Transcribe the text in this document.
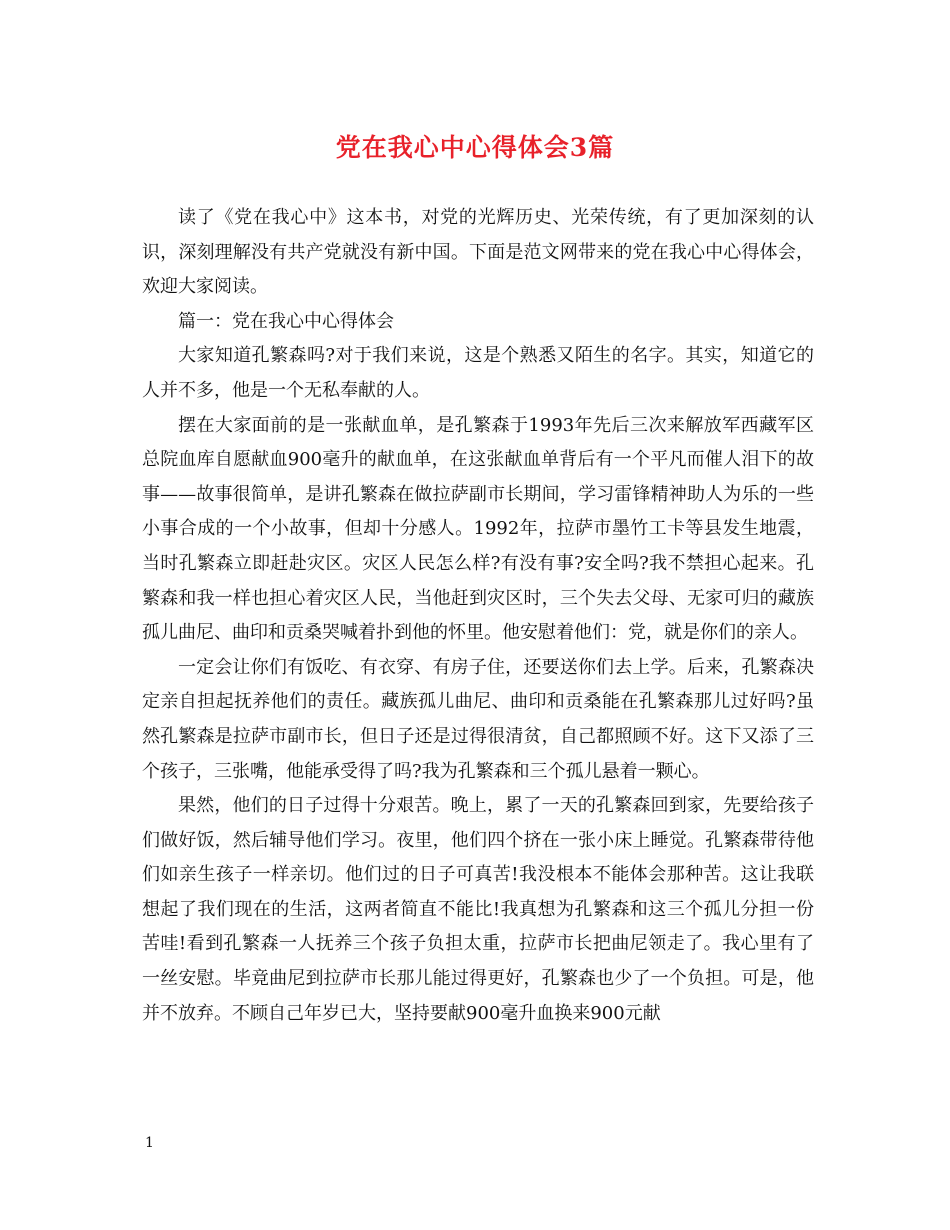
党在我心中心得体会3篇

读了《党在我心中》这本书，对党的光辉历史、光荣传统，有了更加深刻的认识，深刻理解没有共产党就没有新中国。下面是范文网带来的党在我心中心得体会，欢迎大家阅读。

篇一：党在我心中心得体会

大家知道孔繁森吗?对于我们来说，这是个熟悉又陌生的名字。其实，知道它的人并不多，他是一个无私奉献的人。

摆在大家面前的是一张献血单，是孔繁森于1993年先后三次来解放军西藏军区总院血库自愿献血900毫升的献血单，在这张献血单背后有一个平凡而催人泪下的故事——故事很简单，是讲孔繁森在做拉萨副市长期间，学习雷锋精神助人为乐的一些小事合成的一个小故事，但却十分感人。1992年，拉萨市墨竹工卡等县发生地震，当时孔繁森立即赶赴灾区。灾区人民怎么样?有没有事?安全吗?我不禁担心起来。孔繁森和我一样也担心着灾区人民，当他赶到灾区时，三个失去父母、无家可归的藏族孤儿曲尼、曲印和贡桑哭喊着扑到他的怀里。他安慰着他们：党，就是你们的亲人。

一定会让你们有饭吃、有衣穿、有房子住，还要送你们去上学。后来，孔繁森决定亲自担起抚养他们的责任。藏族孤儿曲尼、曲印和贡桑能在孔繁森那儿过好吗?虽然孔繁森是拉萨市副市长，但日子还是过得很清贫，自己都照顾不好。这下又添了三个孩子，三张嘴，他能承受得了吗?我为孔繁森和三个孤儿悬着一颗心。

果然，他们的日子过得十分艰苦。晚上，累了一天的孔繁森回到家，先要给孩子们做好饭，然后辅导他们学习。夜里，他们四个挤在一张小床上睡觉。孔繁森带待他们如亲生孩子一样亲切。他们过的日子可真苦!我没根本不能体会那种苦。这让我联想起了我们现在的生活，这两者简直不能比!我真想为孔繁森和这三个孤儿分担一份苦哇!看到孔繁森一人抚养三个孩子负担太重，拉萨市长把曲尼领走了。我心里有了一丝安慰。毕竟曲尼到拉萨市长那儿能过得更好，孔繁森也少了一个负担。可是，他并不放弃。不顾自己年岁已大，坚持要献900毫升血换来900元献

1
